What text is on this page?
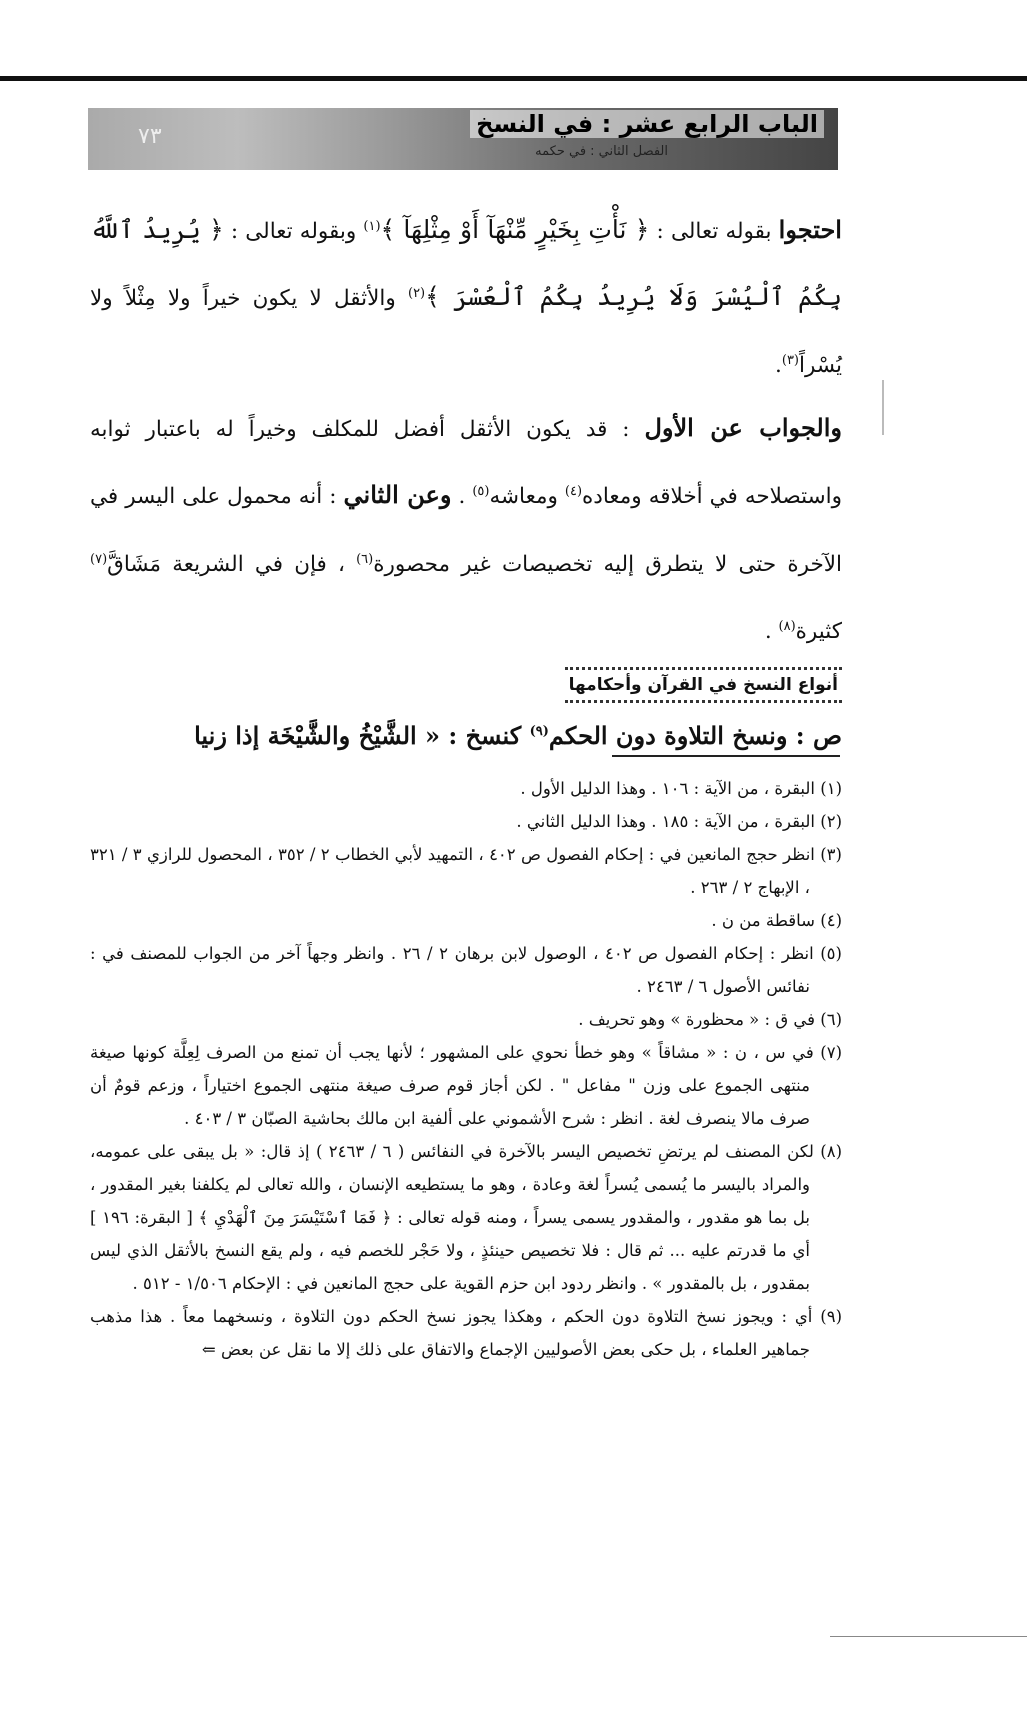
الباب الرابع عشر : في النسخ
الفصل الثاني : في حكمه
٧٣

احتجوا بقوله تعالى : ﴿ نَأْتِ بِخَيْرٍ مِّنْهَآ أَوْ مِثْلِهَآ ﴾$^{(١)}$ وبقوله تعالى : ﴿ يُرِيدُ ٱللَّهُ بِكُمُ ٱلْيُسْرَ وَلَا يُرِيدُ بِكُمُ ٱلْعُسْرَ ﴾$^{(٢)}$ والأثقل لا يكون خيراً ولا مِثْلاً ولا يُسْراً$^{(٣)}$.

والجواب عن الأول : قد يكون الأثقل أفضل للمكلف وخيراً له باعتبار ثوابه واستصلاحه في أخلاقه ومعاده$^{(٤)}$ ومعاشه$^{(٥)}$ . وعن الثاني : أنه محمول على اليسر في الآخرة حتى لا يتطرق إليه تخصيصات غير محصورة$^{(٦)}$ ، فإن في الشريعة مَشَاقَّ$^{(٧)}$ كثيرة$^{(٨)}$ .

أنواع النسخ في القرآن وأحكامها

ص : ونسخ التلاوة دون الحكم$^{(٩)}$ كنسخ : « الشَّيْخُ والشَّيْخَة إذا زنيا

(١) البقرة ، من الآية : ١٠٦ . وهذا الدليل الأول .

(٢) البقرة ، من الآية : ١٨٥ . وهذا الدليل الثاني .

(٣) انظر حجج المانعين في : إحكام الفصول ص ٤٠٢ ، التمهيد لأبي الخطاب ٢ / ٣٥٢ ، المحصول للرازي ٣ / ٣٢١ ، الإبهاج ٢ / ٢٦٣ .

(٤) ساقطة من ن .

(٥) انظر : إحكام الفصول ص ٤٠٢ ، الوصول لابن برهان ٢ / ٢٦ . وانظر وجهاً آخر من الجواب للمصنف في : نفائس الأصول ٦ / ٢٤٦٣ .

(٦) في ق : « محظورة » وهو تحريف .

(٧) في س ، ن : « مشاقاً » وهو خطأ نحوي على المشهور ؛ لأنها يجب أن تمنع من الصرف لِعِلَّة كونها صيغة منتهى الجموع على وزن " مفاعل " . لكن أجاز قوم صرف صيغة منتهى الجموع اختياراً ، وزعم قومٌ أن صرف مالا ينصرف لغة . انظر : شرح الأشموني على ألفية ابن مالك بحاشية الصبّان ٣ / ٤٠٣ .

(٨) لكن المصنف لم يرتضِ تخصيص اليسر بالآخرة في النفائس ( ٦ / ٢٤٦٣ ) إذ قال: « بل يبقى على عمومه، والمراد باليسر ما يُسمى يُسراً لغة وعادة ، وهو ما يستطيعه الإنسان ، والله تعالى لم يكلفنا بغير المقدور ، بل بما هو مقدور ، والمقدور يسمى يسراً ، ومنه قوله تعالى : ﴿ فَمَا ٱسْتَيْسَرَ مِنَ ٱلْهَدْيِ ﴾ [ البقرة: ١٩٦ ] أي ما قدرتم عليه ... ثم قال : فلا تخصيص حينئذٍ ، ولا حَجْر للخصم فيه ، ولم يقع النسخ بالأثقل الذي ليس بمقدور ، بل بالمقدور » . وانظر ردود ابن حزم القوية على حجج المانعين في : الإحكام ١/٥٠٦ - ٥١٢ .

(٩) أي : ويجوز نسخ التلاوة دون الحكم ، وهكذا يجوز نسخ الحكم دون التلاوة ، ونسخهما معاً . هذا مذهب جماهير العلماء ، بل حكى بعض الأصوليين الإجماع والاتفاق على ذلك إلا ما نقل عن بعض ⇐
